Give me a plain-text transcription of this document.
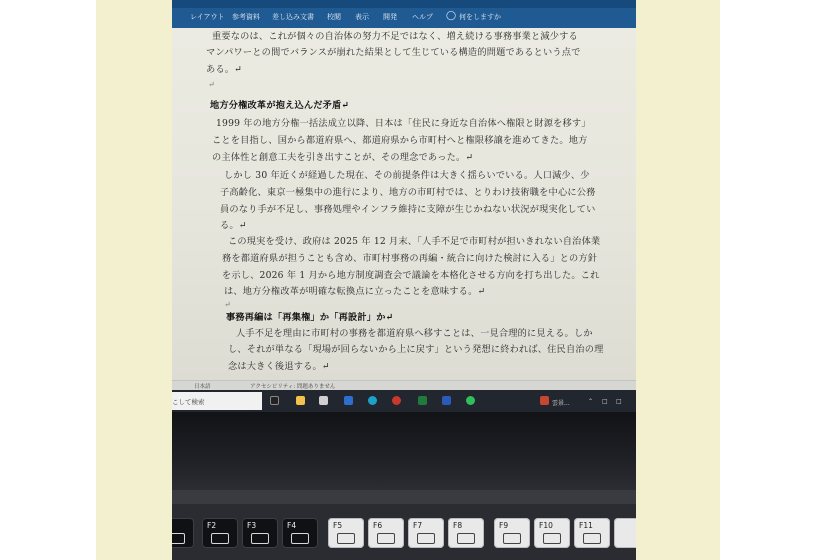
レイアウト 参考資料 差し込み文書 校閲 表示 開発 ヘルプ ◯ 何をしますか
重要なのは、これが個々の自治体の努力不足ではなく、増え続ける事務事業と減少する
マンパワーとの間でバランスが崩れた結果として生じている構造的問題であるという点で
ある。↵
↵
地方分権改革が抱え込んだ矛盾↵
1999 年の地方分権一括法成立以降、日本は「住民に身近な自治体へ権限と財源を移す」
ことを目指し、国から都道府県へ、都道府県から市町村へと権限移譲を進めてきた。地方
の主体性と創意工夫を引き出すことが、その理念であった。↵
しかし 30 年近くが経過した現在、その前提条件は大きく揺らいでいる。人口減少、少
子高齢化、東京一極集中の進行により、地方の市町村では、とりわけ技術職を中心に公務
員のなり手が不足し、事務処理やインフラ維持に支障が生じかねない状況が現実化してい
る。↵
この現実を受け、政府は 2025 年 12 月末、「人手不足で市町村が担いきれない自治体業
務を都道府県が担うことも含め、市町村事務の再編・統合に向けた検討に入る」との方針
を示し、2026 年 1 月から地方制度調査会で議論を本格化させる方向を打ち出した。これ
は、地方分権改革が明確な転換点に立ったことを意味する。↵
↵
事務再編は「再集権」か「再設計」か↵
人手不足を理由に市町村の事務を都道府県へ移すことは、一見合理的に見える。しか
し、それが単なる「現場が回らないから上に戻す」という発想に終われば、住民自治の理
念は大きく後退する。↵
日本語	アクセシビリティ: 問題ありません
こして検索	雲景...	⌃ □ □
F2	F3	F4	F5	F6	F7	F8	F9	F10	F11
